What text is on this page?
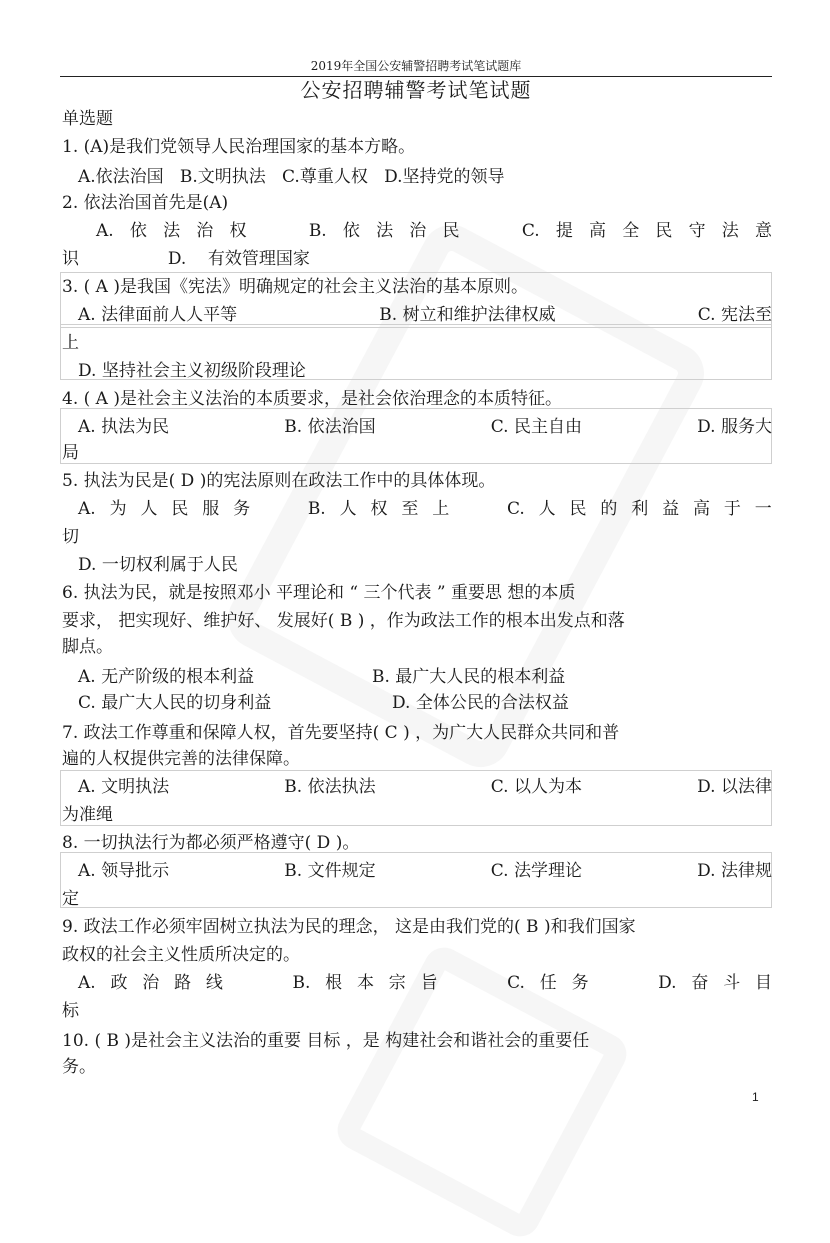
2019年全国公安辅警招聘考试笔试题库
公安招聘辅警考试笔试题
单选题
1. (A)是我们党领导人民治理国家的基本方略。
A.依法治国 B.文明执法 C.尊重人权 D.坚持党的领导
2. 依法治国首先是(A)
A. 依 法 治 权	B. 依 法 治 民	C. 提 高 全 民 守 法 意
识	D. 有效管理国家
3. ( A )是我国《宪法》明确规定的社会主义法治的基本原则。
A. 法律面前人人平等	B. 树立和维护法律权威	C. 宪法至
上
D. 坚持社会主义初级阶段理论
4. ( A )是社会主义法治的本质要求，是社会依治理念的本质特征。
A. 执法为民	B. 依法治国	C. 民主自由	D. 服务大
局
5. 执法为民是( D )的宪法原则在政法工作中的具体体现。
A. 为 人 民 服 务	B. 人 权 至 上	C. 人 民 的 利 益 高 于 一
切
D. 一切权利属于人民
6. 执法为民，就是按照邓小 平理论和 “ 三个代表 ” 重要思 想的本质
要求， 把实现好、维护好、 发展好( B ) ，作为政法工作的根本出发点和落
脚点。
A. 无产阶级的根本利益	B. 最广大人民的根本利益
C. 最广大人民的切身利益	D. 全体公民的合法权益
7. 政法工作尊重和保障人权，首先要坚持( C ) ，为广大人民群众共同和普
遍的人权提供完善的法律保障。
A. 文明执法	B. 依法执法	C. 以人为本	D. 以法律
为准绳
8. 一切执法行为都必须严格遵守( D )。
A. 领导批示	B. 文件规定	C. 法学理论	D. 法律规
定
9. 政法工作必须牢固树立执法为民的理念， 这是由我们党的( B )和我们国家
政权的社会主义性质所决定的。
A. 政 治 路 线	B. 根 本 宗 旨	C. 任 务	D. 奋 斗 目
标
10. ( B )是社会主义法治的重要 目标 ，是 构建社会和谐社会的重要任
务。
1
